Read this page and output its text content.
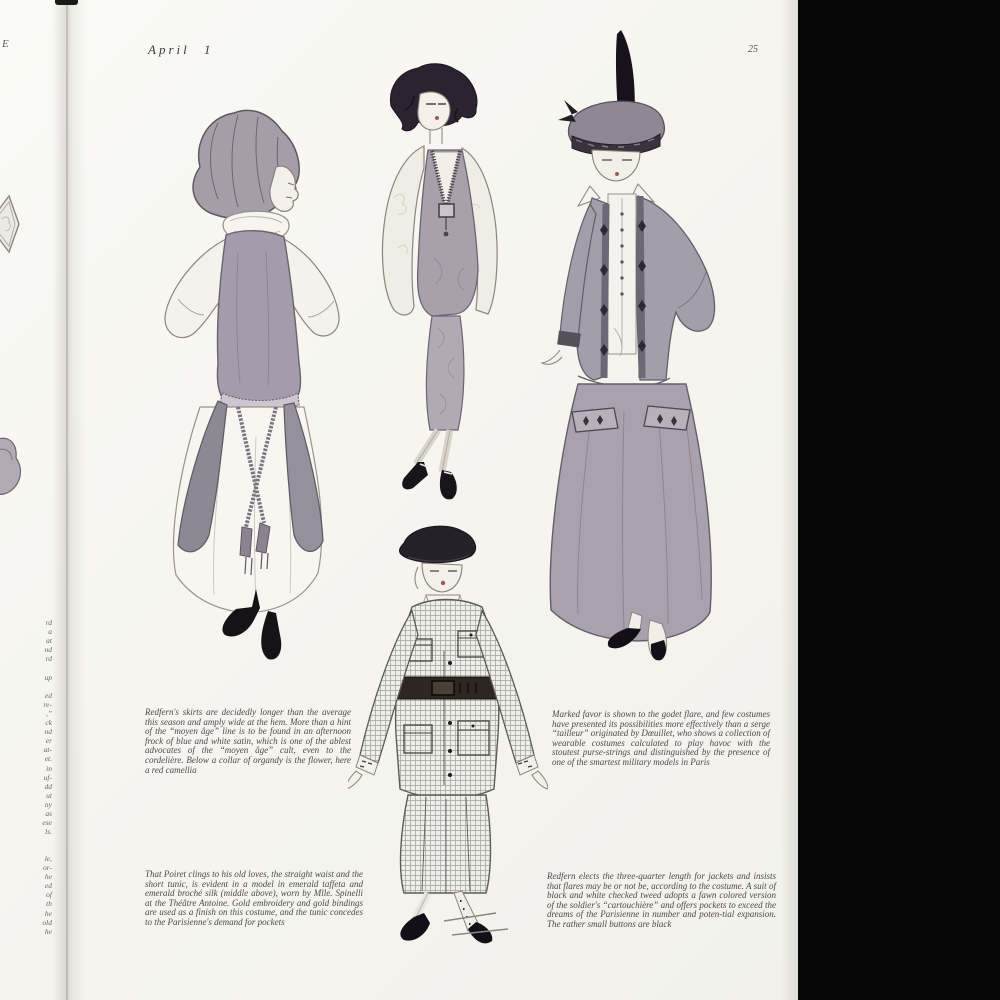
April 1	25
E
rd
a
at
nd
rd
up
ed
re-
,”
ck
nd
er
at-
et.
in
uf-
dd
ut
ny
as
ese
ls.
le,
or-
he
ed
of
th
he
old
he
Redfern's skirts are decidedly longer than the average this season and amply wide at the hem. More than a hint of the “moyen âge” line is to be found in an afternoon frock of blue and white satin, which is one of the ablest advocates of the “moyen âge” cult, even to the cordelière. Below a collar of organdy is the flower, here a red camellia
Marked favor is shown to the godet flare, and few costumes have presented its possibilities more effectively than a serge “tailleur” originated by Dœuillet, who shows a collection of wearable costumes calculated to play havoc with the stoutest purse-strings and distinguished by the presence of one of the smartest military models in Paris
That Poiret clings to his old loves, the straight waist and the short tunic, is evident in a model in emerald taffeta and emerald broché silk (middle above), worn by Mlle. Spinelli at the Théâtre Antoine. Gold embroidery and gold bindings are used as a finish on this costume, and the tunic concedes to the Parisienne's demand for pockets
Redfern elects the three-quarter length for jackets and insists that flares may be or not be, according to the costume. A suit of black and white checked tweed adopts a fawn colored version of the soldier's “cartouchière” and offers pockets to exceed the dreams of the Parisienne in number and poten-tial expansion. The rather small buttons are black
